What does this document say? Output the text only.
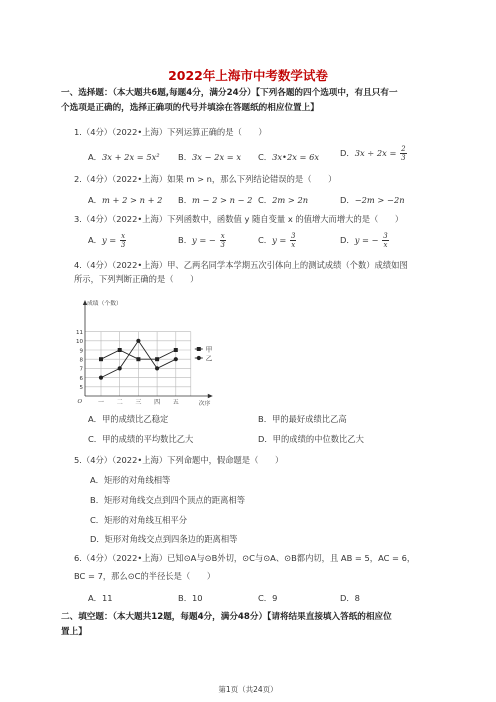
2022年上海市中考数学试卷
一、选择题：（本大题共6题,每题4分，满分24分）【下列各题的四个选项中，有且只有一
个选项是正确的，选择正确项的代号并填涂在答题纸的相应位置上】
1.（4分）（2022•上海）下列运算正确的是（　　）
A．3x + 2x = 5x² B．3x − 2x = x C．3x•2x = 6x	D．$3x \div 2x = \frac{2}{3}$
2.（4分）（2022•上海）如果 m > n，那么下列结论错误的是（　　）
A．m + 2 > n + 2 B．m − 2 > n − 2 C．2m > 2n	D．−2m > −2n
3.（4分）（2022•上海）下列函数中，函数值 y 随自变量 x 的值增大而增大的是（　　）
A．$y = \frac{x}{3}$	B．y = − $\frac{x}{3}$	C．$y = \frac{3}{x}$	D．y = − $\frac{3}{x}$
4.（4分）（2022•上海）甲、乙两名同学本学期五次引体向上的测试成绩（个数）成绩如图
所示，下列判断正确的是（　　）
5
6
7
8
9
10
11
一 二 三 四 五
O
成绩（个数）
次序
甲
乙
A．甲的成绩比乙稳定	B．甲的最好成绩比乙高
C．甲的成绩的平均数比乙大	D．甲的成绩的中位数比乙大
5.（4分）（2022•上海）下列命题中，假命题是（　　）
A．矩形的对角线相等
B．矩形对角线交点到四个顶点的距离相等
C．矩形的对角线互相平分
D．矩形对角线交点到四条边的距离相等
6.（4分）（2022•上海）已知⊙A与⊙B外切，⊙C与⊙A、⊙B都内切，且 AB = 5，AC = 6，
BC = 7，那么⊙C的半径长是（　　）
A．11	B．10	C．9	D．8
二、填空题：（本大题共12题，每题4分，满分48分）【请将结果直接填入答纸的相应位
置上】
第1页（共24页）
